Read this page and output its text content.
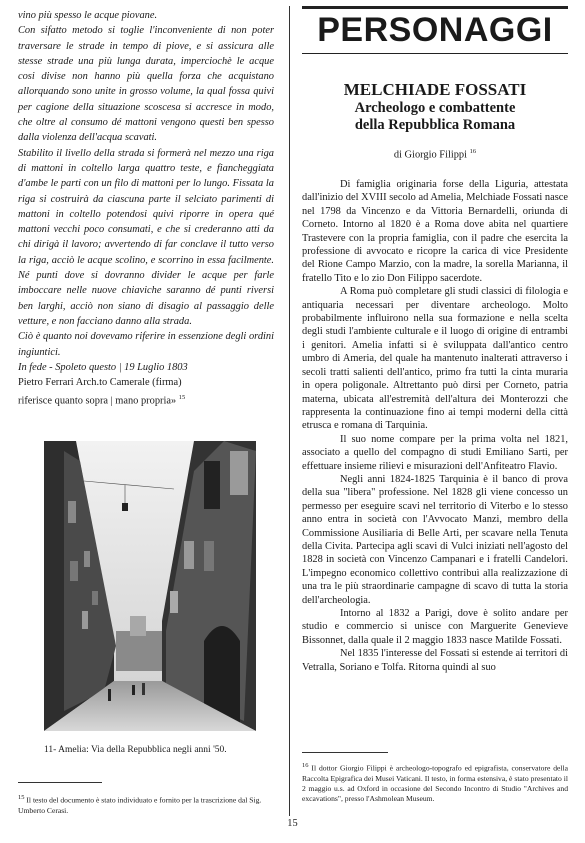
vino più spesso le acque piovane.

Con sifatto metodo si toglie l'inconveniente di non poter traversare le strade in tempo di piove, e si assicura alle stesse strade una più lunga durata, imperciochè le acque cosi divise non hanno più quella forza che acquistano allorquando sono unite in grosso volume, la qual fossa quivi per cagione della situazione scoscesa si accresce in modo, che oltre al consumo dé mattoni vengono questi ben spesso dalla violenza dell'acqua scavati.

Stabilito il livello della strada si formerà nel mezzo una riga di mattoni in coltello larga quattro teste, e fiancheggiata d'ambe le parti con un filo di mattoni per lo lungo. Fissata la riga si costruirà da ciascuna parte il selciato parimenti di mattoni in coltello potendosi quivi riporre in opera qué mattoni vecchi poco consumati, e che si crederanno atti da chi dirigà il lavoro; avvertendo di far conclave il tutto verso la riga, acciò le acque scolino, e scorrino in essa facilmente. Né punti dove si dovranno divider le acque per farle imboccare nelle nuove chiaviche saranno dé punti riversi ben larghi, acciò non siano di disagio al passaggio delle vetture, e non facciano danno alla strada.

Ciò è quanto noi dovevamo riferire in essenzione degli ordini ingiuntici.

In fede - Spoleto questo | 19 Luglio 1803

Pietro Ferrari Arch.to Camerale (firma)

riferisce quanto sopra | mano propria» $^{15}$

11- Amelia: Via della Repubblica negli anni '50.
$^{15}$ Il testo del documento è stato individuato e fornito per la trascrizione dal Sig. Umberto Cerasi.
PERSONAGGI
MELCHIADE FOSSATI
Archeologo e combattente
della Repubblica Romana
di Giorgio Filippi $^{16}$

Di famiglia originaria forse della Liguria, attestata dall'inizio del XVIII secolo ad Amelia, Melchiade Fossati nasce nel 1798 da Vincenzo e da Vittoria Bernardelli, oriunda di Corneto. Intorno al 1820 è a Roma dove abita nel quartiere Trastevere con la propria famiglia, con il padre che esercita la professione di avvocato e ricopre la carica di vice Presidente del Rione Campo Marzio, con la madre, la sorella Marianna, il fratello Tito e lo zio Don Filippo sacerdote.

A Roma può completare gli studi classici di filologia e antiquaria necessari per diventare archeologo. Molto probabilmente influirono nella sua formazione e nella scelta degli studi l'ambiente culturale e il luogo di origine di entrambi i genitori. Amelia infatti si è sviluppata dall'antico centro umbro di Ameria, del quale ha mantenuto inalterati attraverso i secoli tratti salienti dell'antico, primo fra tutti la cinta muraria in opera poligonale. Altrettanto può dirsi per Corneto, patria materna, ubicata all'estremità dell'altura dei Monterozzi che rappresenta la continuazione fino ai tempi moderni della città etrusca e romana di Tarquinia.

Il suo nome compare per la prima volta nel 1821, associato a quello del compagno di studi Emiliano Sarti, per effettuare insieme rilievi e misurazioni dell'Anfiteatro Flavio.

Negli anni 1824-1825 Tarquinia è il banco di prova della sua "libera" professione. Nel 1828 gli viene concesso un permesso per eseguire scavi nel territorio di Viterbo e lo stesso anno entra in società con l'Avvocato Manzi, membro della Commissione Ausiliaria di Belle Arti, per scavare nella Tenuta della Civita. Partecipa agli scavi di Vulci iniziati nell'agosto del 1828 in società con Vincenzo Campanari e i fratelli Candelori. L'impegno economico collettivo contribuì alla realizzazione di una tra le più straordinarie campagne di scavo di tutta la storia dell'archeologia.

Intorno al 1832 a Parigi, dove è solito andare per studio e commercio si unisce con Marguerite Genevieve Bissonnet, dalla quale il 2 maggio 1833 nasce Matilde Fossati.

Nel 1835 l'interesse del Fossati si estende ai territori di Vetralla, Soriano e Tolfa. Ritorna quindi al suo

$^{16}$ Il dottor Giorgio Filippi è archeologo-topografo ed epigrafista, conservatore della Raccolta Epigrafica dei Musei Vaticani. Il testo, in forma estensiva, è stato presentato il 2 maggio u.s. ad Oxford in occasione del Secondo Incontro di Studio "Archives and excavations", presso l'Ashmolean Museum.
15
